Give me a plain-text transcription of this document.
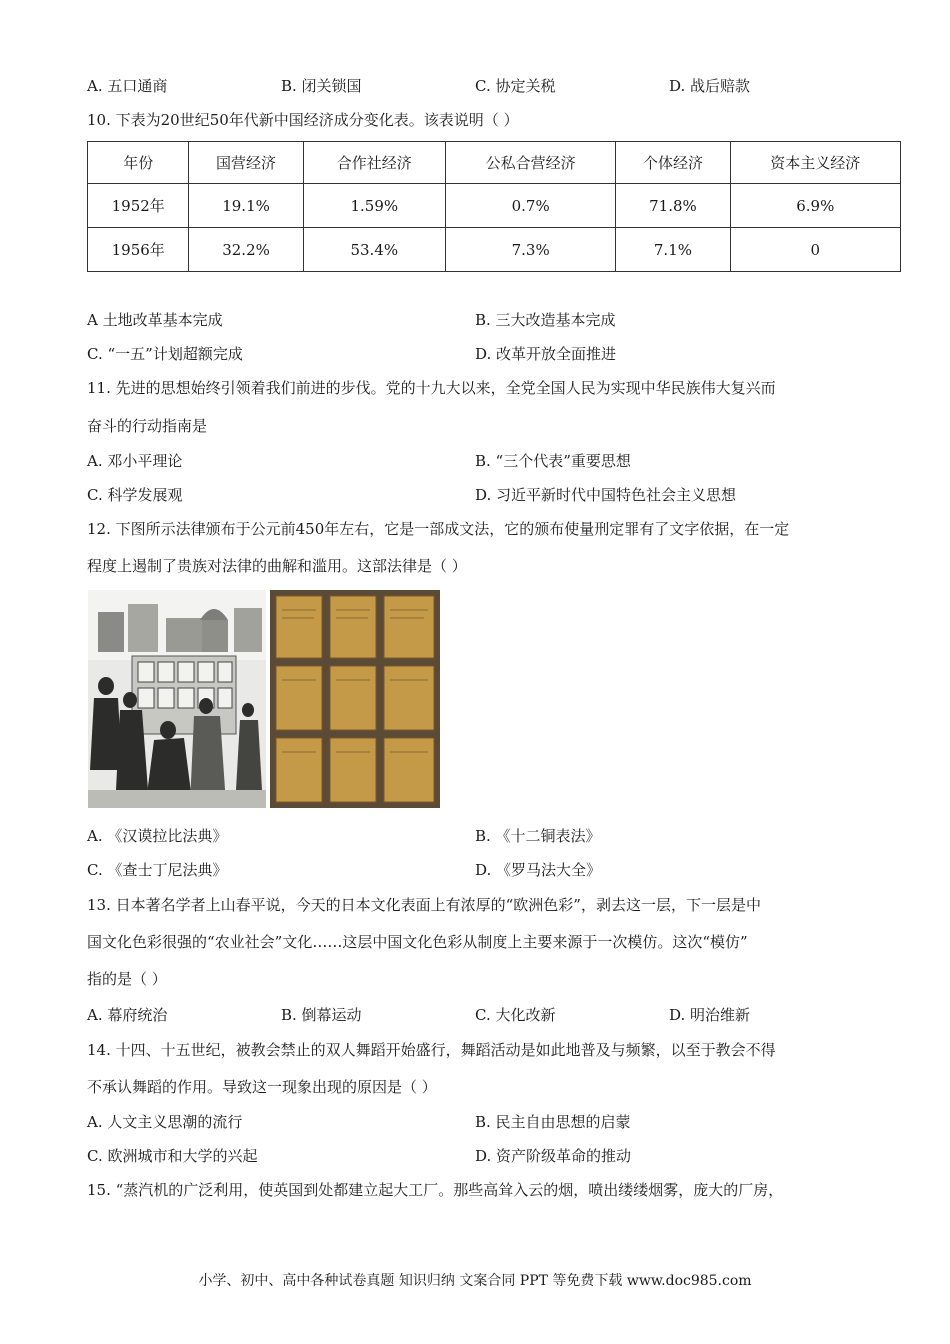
A. 五口通商	B. 闭关锁国	C. 协定关税	D. 战后赔款
10. 下表为20世纪50年代新中国经济成分变化表。该表说明（ ）
年份	国营经济	合作社经济	公私合营经济	个体经济	资本主义经济
1952年	19.1%	1.59%	0.7%	71.8%	6.9%
1956年	32.2%	53.4%	7.3%	7.1%	0
A 土地改革基本完成	B. 三大改造基本完成
C. “一五”计划超额完成	D. 改革开放全面推进
11. 先进的思想始终引领着我们前进的步伐。党的十九大以来，全党全国人民为实现中华民族伟大复兴而
奋斗的行动指南是
A. 邓小平理论	B. “三个代表”重要思想
C. 科学发展观	D. 习近平新时代中国特色社会主义思想
12. 下图所示法律颁布于公元前450年左右，它是一部成文法，它的颁布使量刑定罪有了文字依据，在一定
程度上遏制了贵族对法律的曲解和滥用。这部法律是（ ）
A. 《汉谟拉比法典》	B. 《十二铜表法》
C. 《查士丁尼法典》	D. 《罗马法大全》
13. 日本著名学者上山春平说，今天的日本文化表面上有浓厚的“欧洲色彩”，剥去这一层，下一层是中
国文化色彩很强的“农业社会”文化……这层中国文化色彩从制度上主要来源于一次模仿。这次“模仿”
指的是（ ）
A. 幕府统治	B. 倒幕运动	C. 大化改新	D. 明治维新
14. 十四、十五世纪，被教会禁止的双人舞蹈开始盛行，舞蹈活动是如此地普及与频繁，以至于教会不得
不承认舞蹈的作用。导致这一现象出现的原因是（ ）
A. 人文主义思潮的流行	B. 民主自由思想的启蒙
C. 欧洲城市和大学的兴起	D. 资产阶级革命的推动
15. “蒸汽机的广泛利用，使英国到处都建立起大工厂。那些高耸入云的烟，喷出缕缕烟雾，庞大的厂房，
小学、初中、高中各种试卷真题 知识归纳 文案合同 PPT 等免费下载 www.doc985.com
